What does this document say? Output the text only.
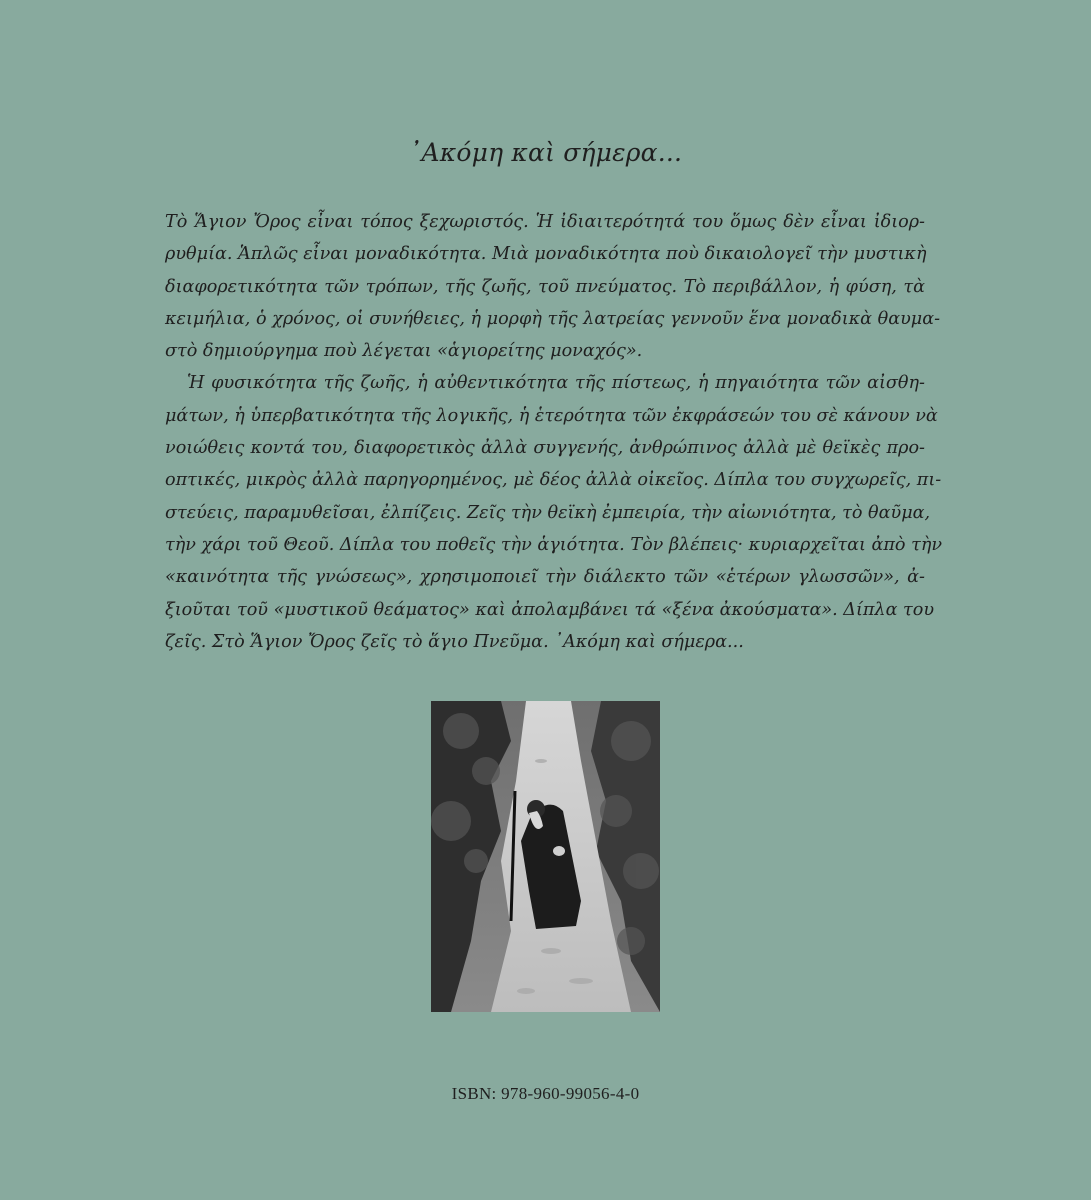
᾿Ακόμη καὶ σήμερα...
Τὸ Ἅγιον Ὄρος εἶναι τόπος ξεχωριστός. Ἡ ἰδιαιτερότητά του ὅμως δὲν εἶναι ἰδιορ-
ρυθμία. Ἁπλῶς εἶναι μοναδικότητα. Μιὰ μοναδικότητα ποὺ δικαιολογεῖ τὴν μυστικὴ
διαφορετικότητα τῶν τρόπων, τῆς ζωῆς, τοῦ πνεύματος. Τὸ περιβάλλον, ἡ φύση, τὰ
κειμήλια, ὁ χρόνος, οἱ συνήθειες, ἡ μορφὴ τῆς λατρείας γεννοῦν ἕνα μοναδικὰ θαυμα-
στὸ δημιούργημα ποὺ λέγεται «ἁγιορείτης μοναχός».
Ἡ φυσικότητα τῆς ζωῆς, ἡ αὐθεντικότητα τῆς πίστεως, ἡ πηγαιότητα τῶν αἰσθη-
μάτων, ἡ ὑπερβατικότητα τῆς λογικῆς, ἡ ἑτερότητα τῶν ἐκφράσεών του σὲ κάνουν νὰ
νοιώθεις κοντά του, διαφορετικὸς ἀλλὰ συγγενής, ἀνθρώπινος ἀλλὰ μὲ θεϊκὲς προ-
οπτικές, μικρὸς ἀλλὰ παρηγορημένος, μὲ δέος ἀλλὰ οἰκεῖος. Δίπλα του συγχωρεῖς, πι-
στεύεις, παραμυθεῖσαι, ἐλπίζεις. Ζεῖς τὴν θεϊκὴ ἐμπειρία, τὴν αἰωνιότητα, τὸ θαῦμα,
τὴν χάρι τοῦ Θεοῦ. Δίπλα του ποθεῖς τὴν ἁγιότητα. Τὸν βλέπεις· κυριαρχεῖται ἀπὸ τὴν
«καινότητα τῆς γνώσεως», χρησιμοποιεῖ τὴν διάλεκτο τῶν «ἑτέρων γλωσσῶν», ἀ-
ξιοῦται τοῦ «μυστικοῦ θεάματος» καὶ ἀπολαμβάνει τά «ξένα ἀκούσματα». Δίπλα του
ζεῖς. Στὸ Ἅγιον Ὄρος ζεῖς τὸ ἅγιο Πνεῦμα. ᾿Ακόμη καὶ σήμερα...
ISBN: 978-960-99056-4-0
